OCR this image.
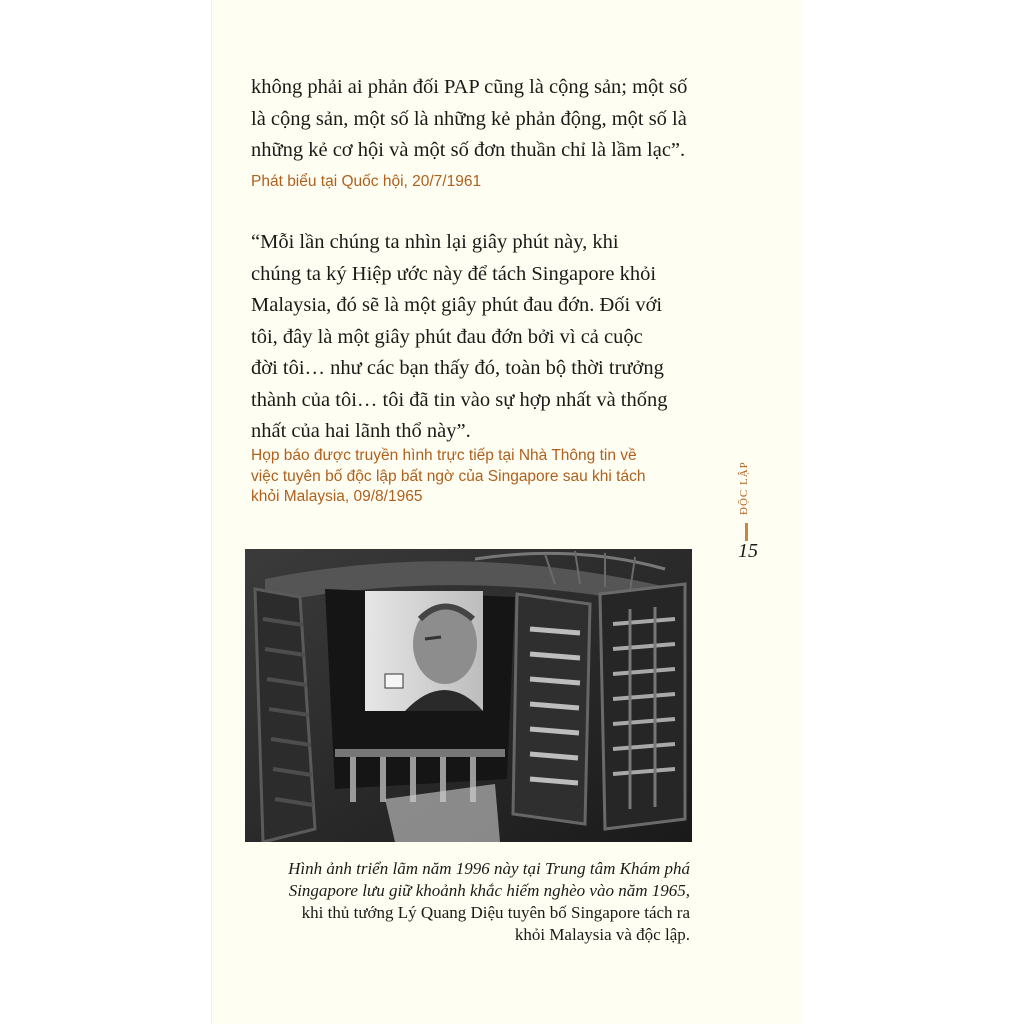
không phải ai phản đối PAP cũng là cộng sản; một số

là cộng sản, một số là những kẻ phản động, một số là

những kẻ cơ hội và một số đơn thuần chỉ là lầm lạc”.

Phát biểu tại Quốc hội, 20/7/1961

“Mỗi lần chúng ta nhìn lại giây phút này, khi

chúng ta ký Hiệp ước này để tách Singapore khỏi

Malaysia, đó sẽ là một giây phút đau đớn. Đối với

tôi, đây là một giây phút đau đớn bởi vì cả cuộc

đời tôi… như các bạn thấy đó, toàn bộ thời trưởng

thành của tôi… tôi đã tin vào sự hợp nhất và thống

nhất của hai lãnh thổ này”.

Họp báo được truyền hình trực tiếp tại Nhà Thông tin về
việc tuyên bố độc lập bất ngờ của Singapore sau khi tách
khỏi Malaysia, 09/8/1965	ĐỘC LẬP
15
Hình ảnh triển lãm năm 1996 này tại Trung tâm Khám phá
Singapore lưu giữ khoảnh khắc hiếm nghèo vào năm 1965,
khi thủ tướng Lý Quang Diệu tuyên bố Singapore tách ra
khỏi Malaysia và độc lập.
